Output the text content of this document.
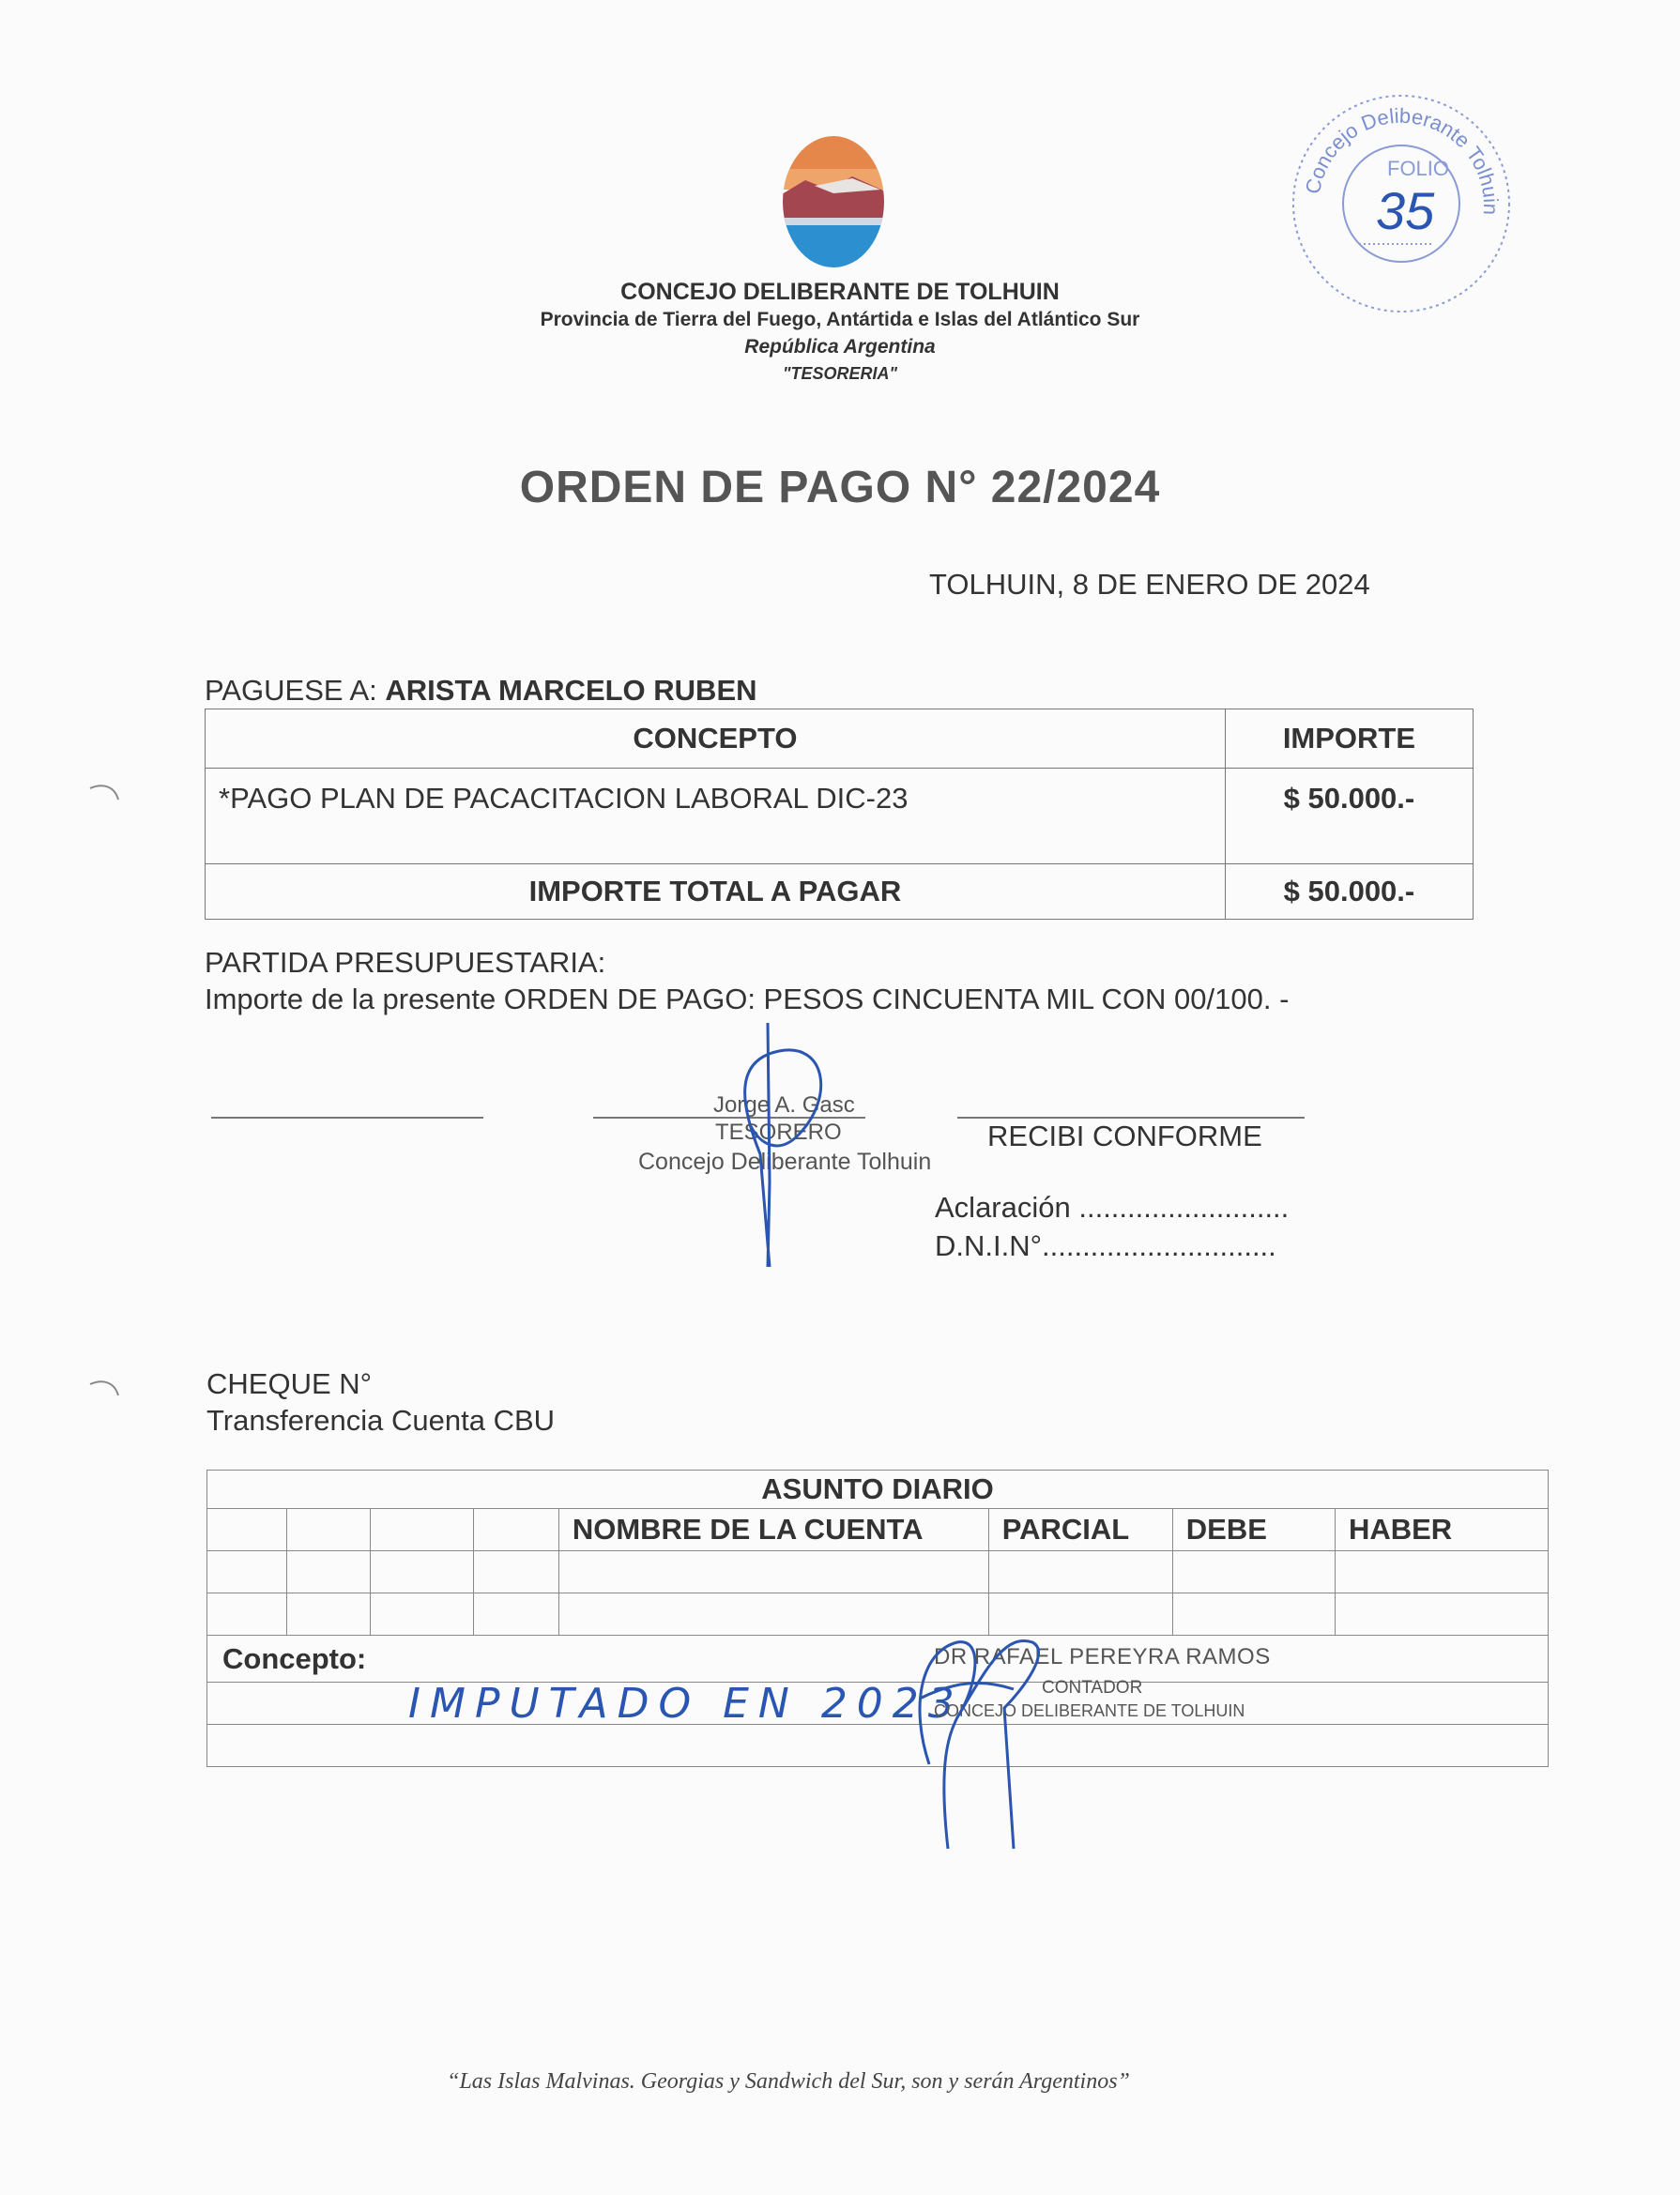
CONCEJO DELIBERANTE DE TOLHUIN
Provincia de Tierra del Fuego, Antártida e Islas del Atlántico Sur
República Argentina
"TESORERIA"
Concejo Deliberante Tolhuin
FOLIO
35
ORDEN DE PAGO N° 22/2024
TOLHUIN, 8 DE ENERO DE 2024
PAGUESE A: ARISTA MARCELO RUBEN
CONCEPTO	IMPORTE
*PAGO PLAN DE PACACITACION LABORAL DIC-23	$ 50.000.-
IMPORTE TOTAL A PAGAR	$ 50.000.-
PARTIDA PRESUPUESTARIA:
Importe de la presente ORDEN DE PAGO: PESOS CINCUENTA MIL CON 00/100. -
Jorge A. Gasc
TESORERO
Concejo Deliberante Tolhuin
RECIBI CONFORME
Aclaración ..........................
D.N.I.N°.............................
CHEQUE N°
Transferencia Cuenta CBU
ASUNTO DIARIO							
				NOMBRE DE LA CUENTA	PARCIAL	DEBE	HABER

Concepto:							

IMPUTADO EN 2023
DR RAFAEL PEREYRA RAMOS
CONTADOR
CONCEJO DELIBERANTE DE TOLHUIN
“Las Islas Malvinas. Georgias y Sandwich del Sur, son y serán Argentinos”
